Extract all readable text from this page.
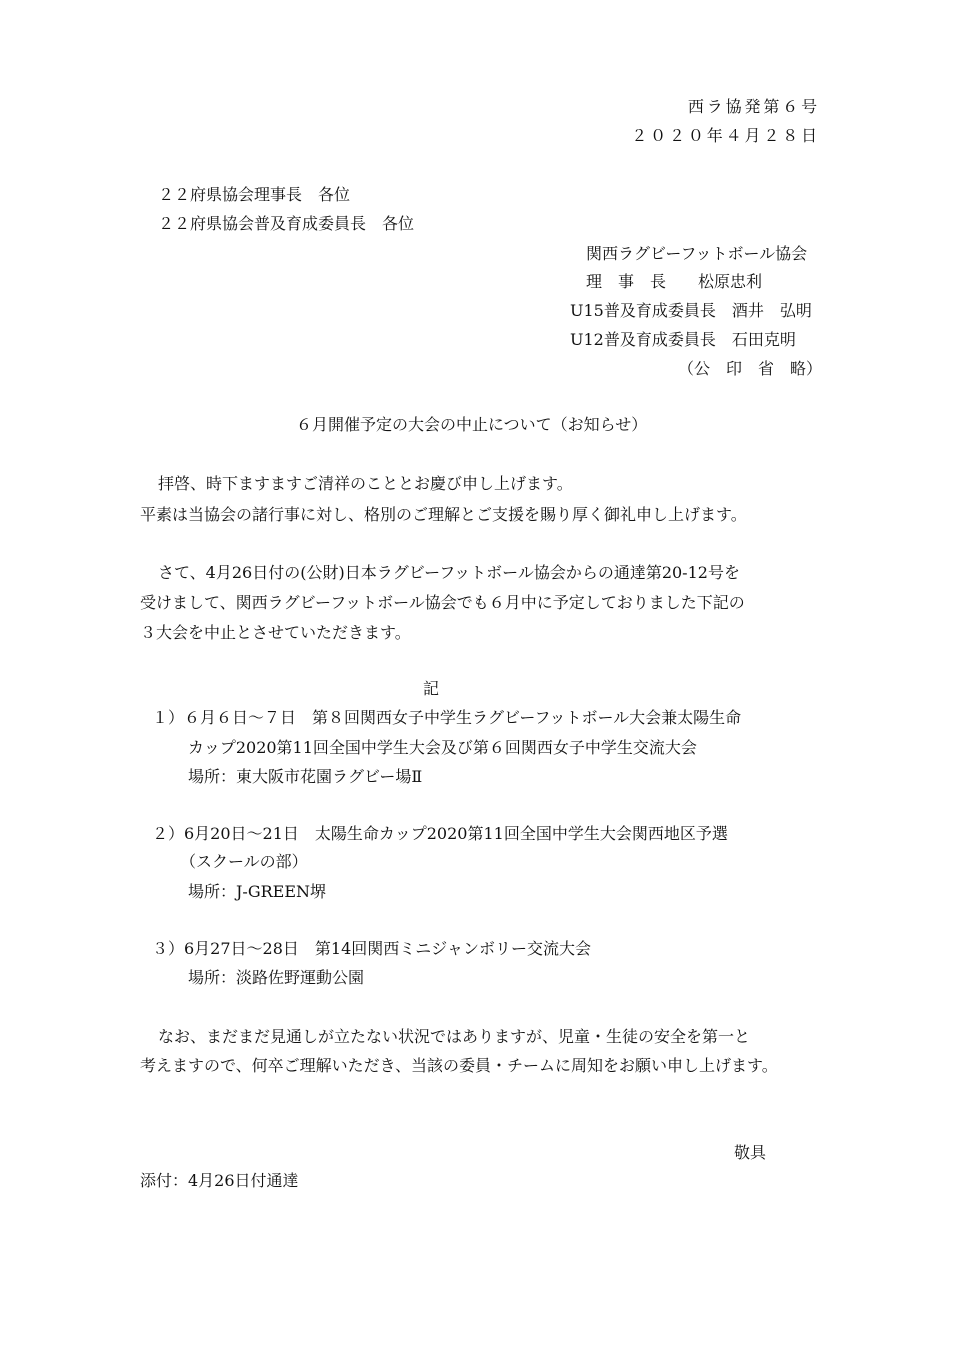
西ラ協発第６号
２０２０年４月２８日
２２府県協会理事長　各位
２２府県協会普及育成委員長　各位
関西ラグビーフットボール協会
理　事　長　　松原忠利
U15普及育成委員長　酒井　弘明
U12普及育成委員長　石田克明
（公　印　省　略）
６月開催予定の大会の中止について（お知らせ）
拝啓、時下ますますご清祥のこととお慶び申し上げます。
平素は当協会の諸行事に対し、格別のご理解とご支援を賜り厚く御礼申し上げます。
さて、4月26日付の(公財)日本ラグビーフットボール協会からの通達第20-12号を
受けまして、関西ラグビーフットボール協会でも６月中に予定しておりました下記の
３大会を中止とさせていただきます。
記
１）６月６日〜７日　第８回関西女子中学生ラグビーフットボール大会兼太陽生命
カップ2020第11回全国中学生大会及び第６回関西女子中学生交流大会
場所：東大阪市花園ラグビー場Ⅱ
２）6月20日〜21日　太陽生命カップ2020第11回全国中学生大会関西地区予選
（スクールの部）
場所：J-GREEN堺
３）6月27日〜28日　第14回関西ミニジャンボリー交流大会
場所：淡路佐野運動公園
なお、まだまだ見通しが立たない状況ではありますが、児童・生徒の安全を第一と
考えますので、何卒ご理解いただき、当該の委員・チームに周知をお願い申し上げます。
敬具
添付：4月26日付通達
